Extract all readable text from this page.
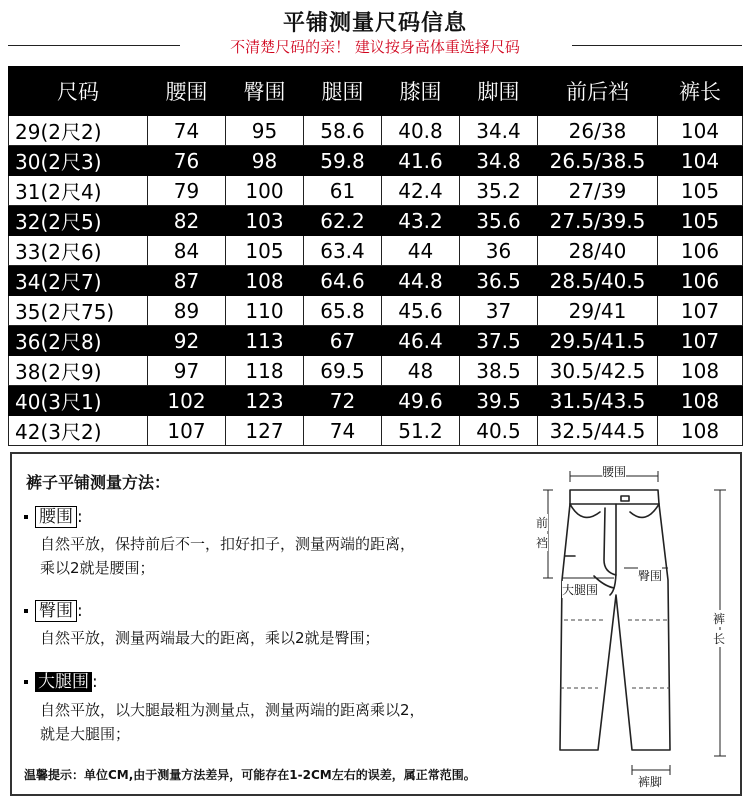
平铺测量尺码信息
不清楚尺码的亲！ 建议按身高体重选择尺码
尺码	腰围	臀围	腿围	膝围	脚围	前后裆	裤长
29(2尺2)	74	95	58.6	40.8	34.4	26/38	104
30(2尺3)	76	98	59.8	41.6	34.8	26.5/38.5	104
31(2尺4)	79	100	61	42.4	35.2	27/39	105
32(2尺5)	82	103	62.2	43.2	35.6	27.5/39.5	105
33(2尺6)	84	105	63.4	44	36	28/40	106
34(2尺7)	87	108	64.6	44.8	36.5	28.5/40.5	106
35(2尺75)	89	110	65.8	45.6	37	29/41	107
36(2尺8)	92	113	67	46.4	37.5	29.5/41.5	107
38(2尺9)	97	118	69.5	48	38.5	30.5/42.5	108
40(3尺1)	102	123	72	49.6	39.5	31.5/43.5	108
42(3尺2)	107	127	74	51.2	40.5	32.5/44.5	108
裤子平铺测量方法：
腰围 :
自然平放，保持前后不一，扣好扣子，测量两端的距离，
乘以2就是腰围；
臀围 :
自然平放，测量两端最大的距离，乘以2就是臀围；
大腿围 :
自然平放，以大腿最粗为测量点，测量两端的距离乘以2，
就是大腿围；
温馨提示：单位CM,由于测量方法差异，可能存在1-2CM左右的误差，属正常范围。
腰围
前
裆
大腿围
臀围
裤
长
裤脚
